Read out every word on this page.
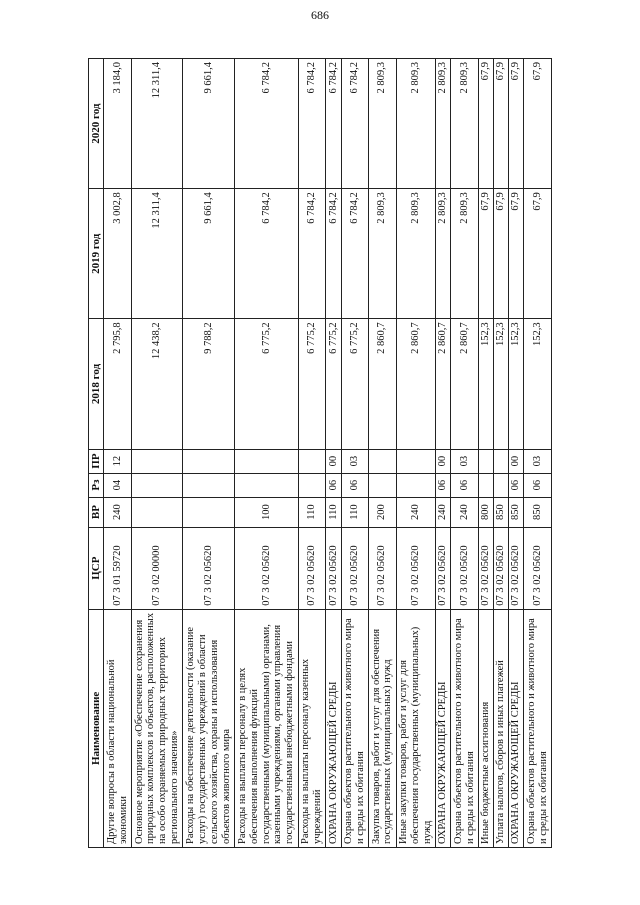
686
Наименование	ЦСР	ВР	Рз	ПР	2018 год	2019 год	2020 год
Другие вопросы в области национальной экономики	07 3 01 59720	240	04	12	2 795,8	3 002,8	3 184,0
Основное мероприятие «Обеспечение сохранения природных комплексов и объектов, расположенных на особо охраняемых природных территориях регионального значения»	07 3 02 00000				12 438,2	12 311,4	12 311,4
Расходы на обеспечение деятельности (оказание услуг) государственных учреждений в области сельского хозяйства, охраны и использования объектов животного мира	07 3 02 05620				9 788,2	9 661,4	9 661,4
Расходы на выплаты персоналу в целях обеспечения выполнения функций государственными (муниципальными) органами, казенными учреждениями, органами управления государственными внебюджетными фондами	07 3 02 05620	100			6 775,2	6 784,2	6 784,2
Расходы на выплаты персоналу казенных учреждений	07 3 02 05620	110			6 775,2	6 784,2	6 784,2
ОХРАНА ОКРУЖАЮЩЕЙ СРЕДЫ	07 3 02 05620	110	06	00	6 775,2	6 784,2	6 784,2
Охрана объектов растительного и животного мира и среды их обитания	07 3 02 05620	110	06	03	6 775,2	6 784,2	6 784,2
Закупка товаров, работ и услуг для обеспечения государственных (муниципальных) нужд	07 3 02 05620	200			2 860,7	2 809,3	2 809,3
Иные закупки товаров, работ и услуг для обеспечения государственных (муниципальных) нужд	07 3 02 05620	240			2 860,7	2 809,3	2 809,3
ОХРАНА ОКРУЖАЮЩЕЙ СРЕДЫ	07 3 02 05620	240	06	00	2 860,7	2 809,3	2 809,3
Охрана объектов растительного и животного мира и среды их обитания	07 3 02 05620	240	06	03	2 860,7	2 809,3	2 809,3
Иные бюджетные ассигнования	07 3 02 05620	800			152,3	67,9	67,9
Уплата налогов, сборов и иных платежей	07 3 02 05620	850			152,3	67,9	67,9
ОХРАНА ОКРУЖАЮЩЕЙ СРЕДЫ	07 3 02 05620	850	06	00	152,3	67,9	67,9
Охрана объектов растительного и животного мира и среды их обитания	07 3 02 05620	850	06	03	152,3	67,9	67,9
